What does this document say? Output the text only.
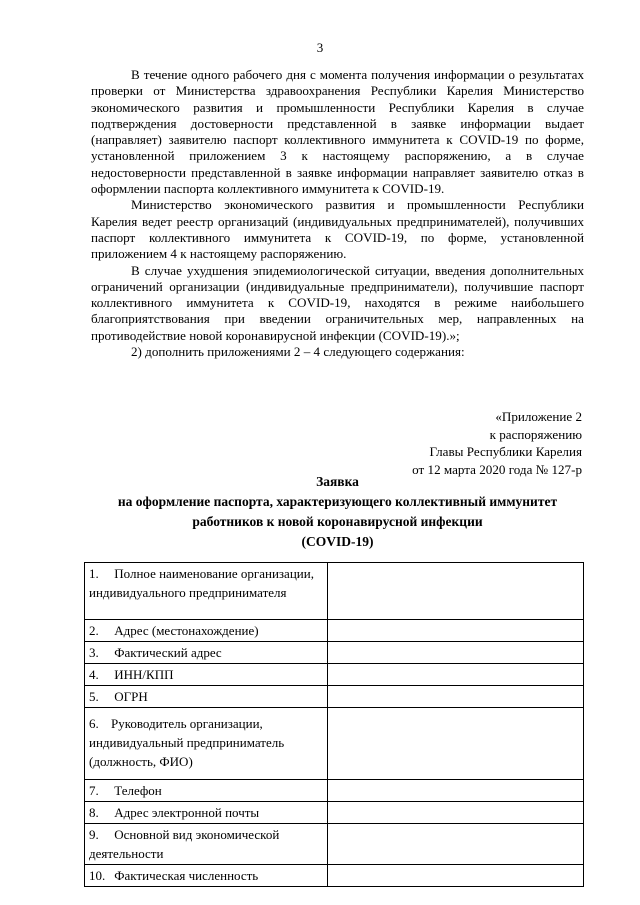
3

В течение одного рабочего дня с момента получения информации о результатах проверки от Министерства здравоохранения Республики Карелия Министерство экономического развития и промышленности Республики Карелия в случае подтверждения достоверности представленной в заявке информации выдает (направляет) заявителю паспорт коллективного иммунитета к COVID-19 по форме, установленной приложением 3 к настоящему распоряжению, а в случае недостоверности представленной в заявке информации направляет заявителю отказ в оформлении паспорта коллективного иммунитета к COVID-19.

Министерство экономического развития и промышленности Республики Карелия ведет реестр организаций (индивидуальных предпринимателей), получивших паспорт коллективного иммунитета к COVID-19, по форме, установленной приложением 4 к настоящему распоряжению.

В случае ухудшения эпидемиологической ситуации, введения дополнительных ограничений организации (индивидуальные предприниматели), получившие паспорт коллективного иммунитета к COVID-19, находятся в режиме наибольшего благоприятствования при введении ограничительных мер, направленных на противодействие новой коронавирусной инфекции (COVID-19).»;

2) дополнить приложениями 2 – 4 следующего содержания:

«Приложение 2
к распоряжению
Главы Республики Карелия
от 12 марта 2020 года № 127-р
Заявка
на оформление паспорта, характеризующего коллективный иммунитет
работников к новой коронавирусной инфекции
(COVID-19)
1. Полное наименование организации, индивидуального предпринимателя	
2. Адрес (местонахождение)	
3. Фактический адрес	
4. ИНН/КПП	
5. ОГРН	
6. Руководитель организации, индивидуальный предприниматель (должность, ФИО)	
7. Телефон	
8. Адрес электронной почты	
9. Основной вид экономической деятельности	
10. Фактическая численность	
